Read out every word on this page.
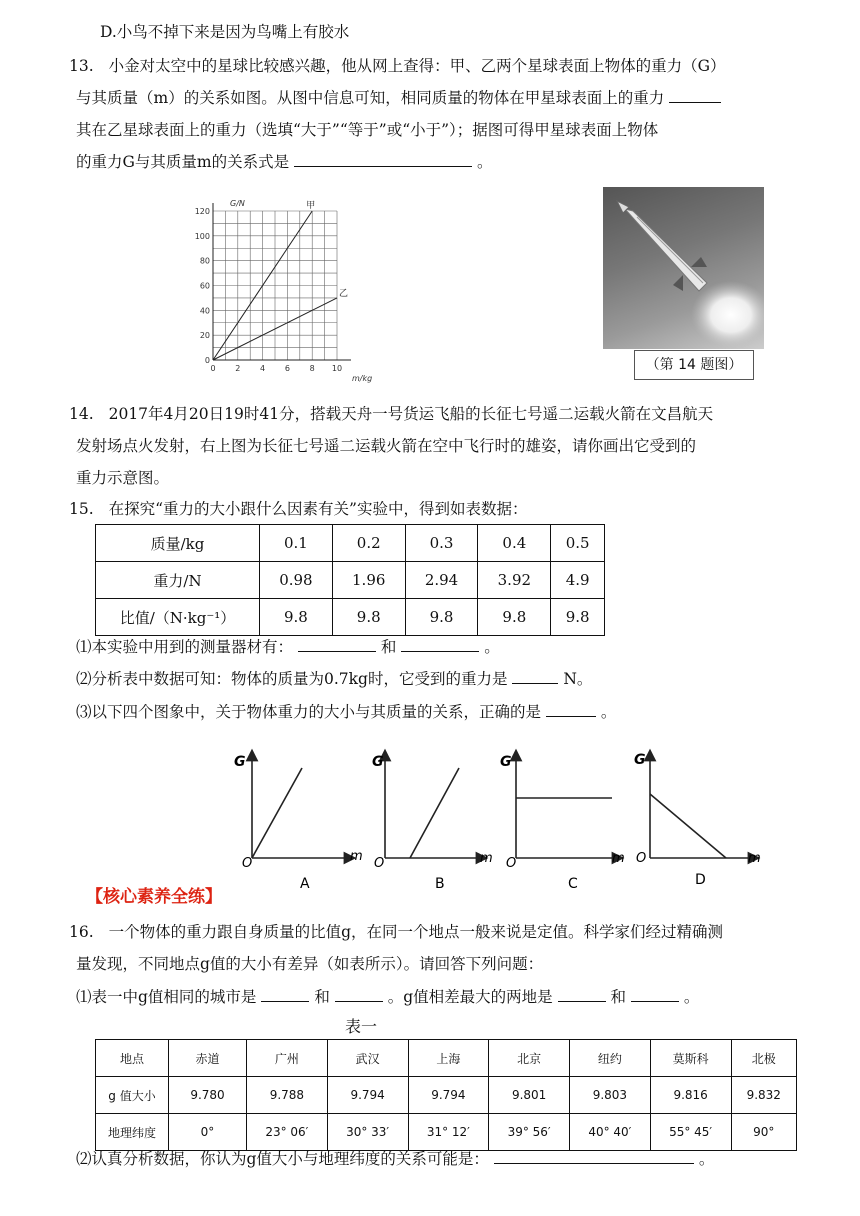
D.小鸟不掉下来是因为鸟嘴上有胶水
13. 小金对太空中的星球比较感兴趣，他从网上查得：甲、乙两个星球表面上物体的重力（G）
与其质量（m）的关系如图。从图中信息可知，相同质量的物体在甲星球表面上的重力
其在乙星球表面上的重力（选填“大于”“等于”或“小于”）；据图可得甲星球表面上物体
的重力G与其质量m的关系式是	。
0 2 4 6 8 10
0
20
40
60
80
100
120
甲
乙
G/N
m/kg
（第 14 题图）
14. 2017年4月20日19时41分，搭载天舟一号货运飞船的长征七号遥二运载火箭在文昌航天
发射场点火发射，右上图为长征七号遥二运载火箭在空中飞行时的雄姿，请你画出它受到的
重力示意图。
15. 在探究“重力的大小跟什么因素有关”实验中，得到如表数据：
质量/kg	0.1	0.2	0.3	0.4	0.5
重力/N	0.98	1.96	2.94	3.92	4.9
比值/（N·kg⁻¹）	9.8	9.8	9.8	9.8	9.8
⑴本实验中用到的测量器材有：	和	。
⑵分析表中数据可知：物体的质量为0.7kg时，它受到的重力是	N。
⑶以下四个图象中，关于物体重力的大小与其质量的关系，正确的是	。
G
m
O
A
G
m
O
B
G
m
O
C
G
m
O
D
【核心素养全练】
16. 一个物体的重力跟自身质量的比值g，在同一个地点一般来说是定值。科学家们经过精确测
量发现，不同地点g值的大小有差异（如表所示）。请回答下列问题：
⑴表一中g值相同的城市是	和	。g值相差最大的两地是	和	。
表一
地点	赤道	广州	武汉	上海	北京	纽约	莫斯科	北极
g 值大小	9.780	9.788	9.794	9.794	9.801	9.803	9.816	9.832
地理纬度	0°	23° 06′	30° 33′	31° 12′	39° 56′	40° 40′	55° 45′	90°
⑵认真分析数据，你认为g值大小与地理纬度的关系可能是：	。
